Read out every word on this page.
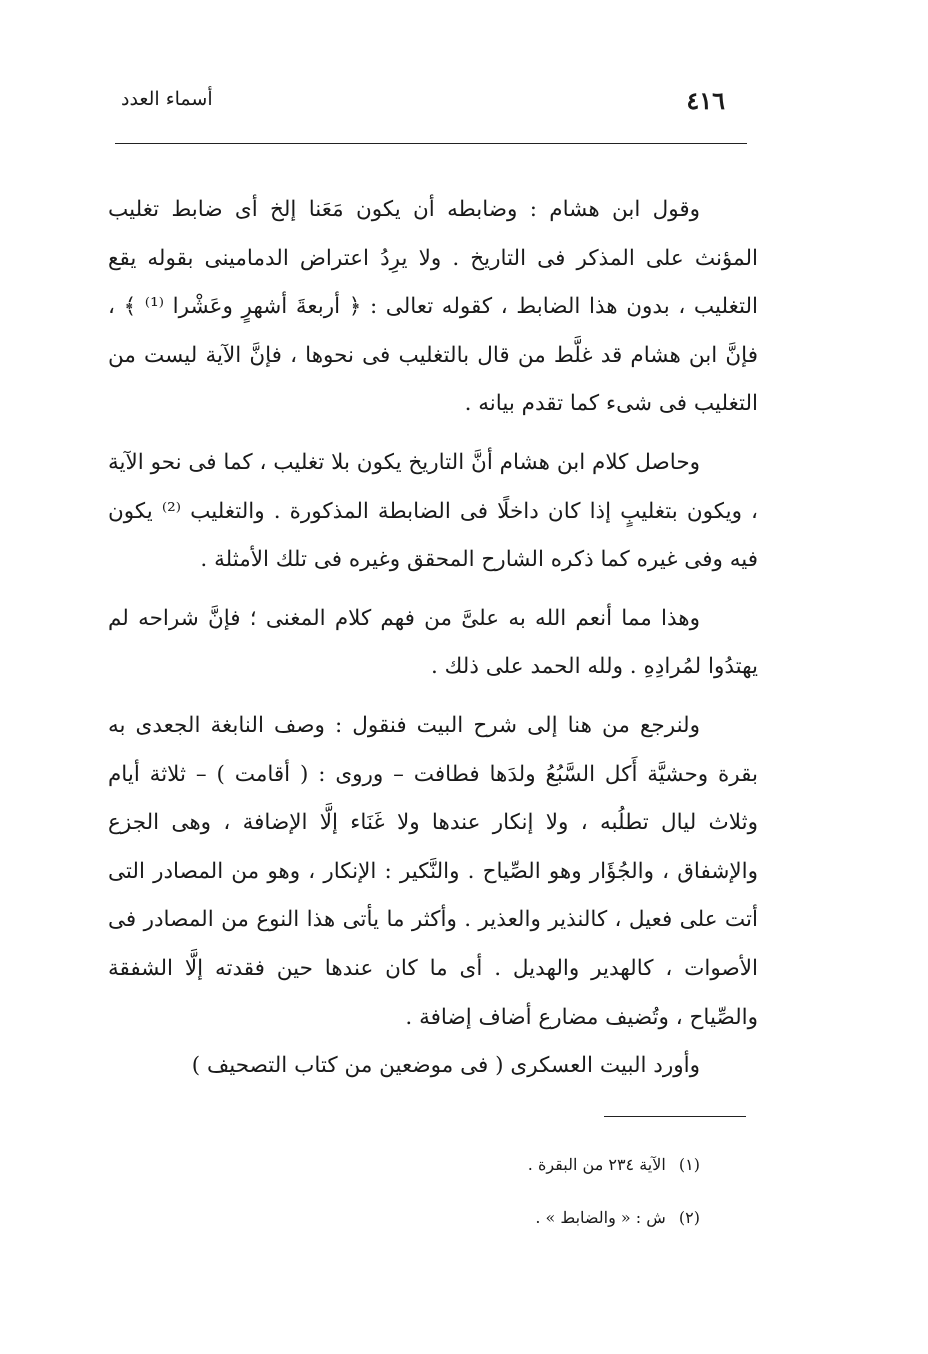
٤١٦
أسماء العدد

وقول ابن هشام : وضابطه أن يكون مَعَنا إلخ أى ضابط تغليب المؤنث على المذكر فى التاريخ . ولا يرِدُ اعتراض الدمامينى بقوله يقع التغليب ، بدون هذا الضابط ، كقوله تعالى : ﴿ أربعةَ أشهرٍ وعَشْرا ⁽¹⁾ ﴾ ، فإنَّ ابن هشام قد غلَّط من قال بالتغليب فى نحوها ، فإنَّ الآية ليست من التغليب فى شىء كما تقدم بيانه .

وحاصل كلام ابن هشام أنَّ التاريخ يكون بلا تغليب ، كما فى نحو الآية ، ويكون بتغليبٍ إذا كان داخلًا فى الضابطة المذكورة . والتغليب ⁽²⁾ يكون فيه وفى غيره كما ذكره الشارح المحقق وغيره فى تلك الأمثلة .

وهذا مما أنعم الله به علىَّ من فهم كلام المغنى ؛ فإنَّ شراحه لم يهتدُوا لمُرادِهِ . ولله الحمد على ذلك .

ولنرجع من هنا إلى شرح البيت فنقول : وصف النابغة الجعدى به بقرة وحشيَّة أَكل السَّبُعُ ولدَها فطافت – وروى : ( أقامت ) – ثلاثة أيام وثلاث ليال تطلُبه ، ولا إنكار عندها ولا غَنَاء إلَّا الإضافة ، وهى الجزع والإشفاق ، والجُؤَار وهو الصِّياح . والنَّكير : الإنكار ، وهو من المصادر التى أتت على فعيل ، كالنذير والعذير . وأكثر ما يأتى هذا النوع من المصادر فى الأصوات ، كالهدير والهديل . أى ما كان عندها حين فقدته إلَّا الشفقة والصِّياح ، وتُضيف مضارع أضاف إضافة .

وأورد البيت العسكرى ( فى موضعين من كتاب التصحيف )

(١) الآية ٢٣٤ من البقرة .
(٢) ش : « والضابط » .
